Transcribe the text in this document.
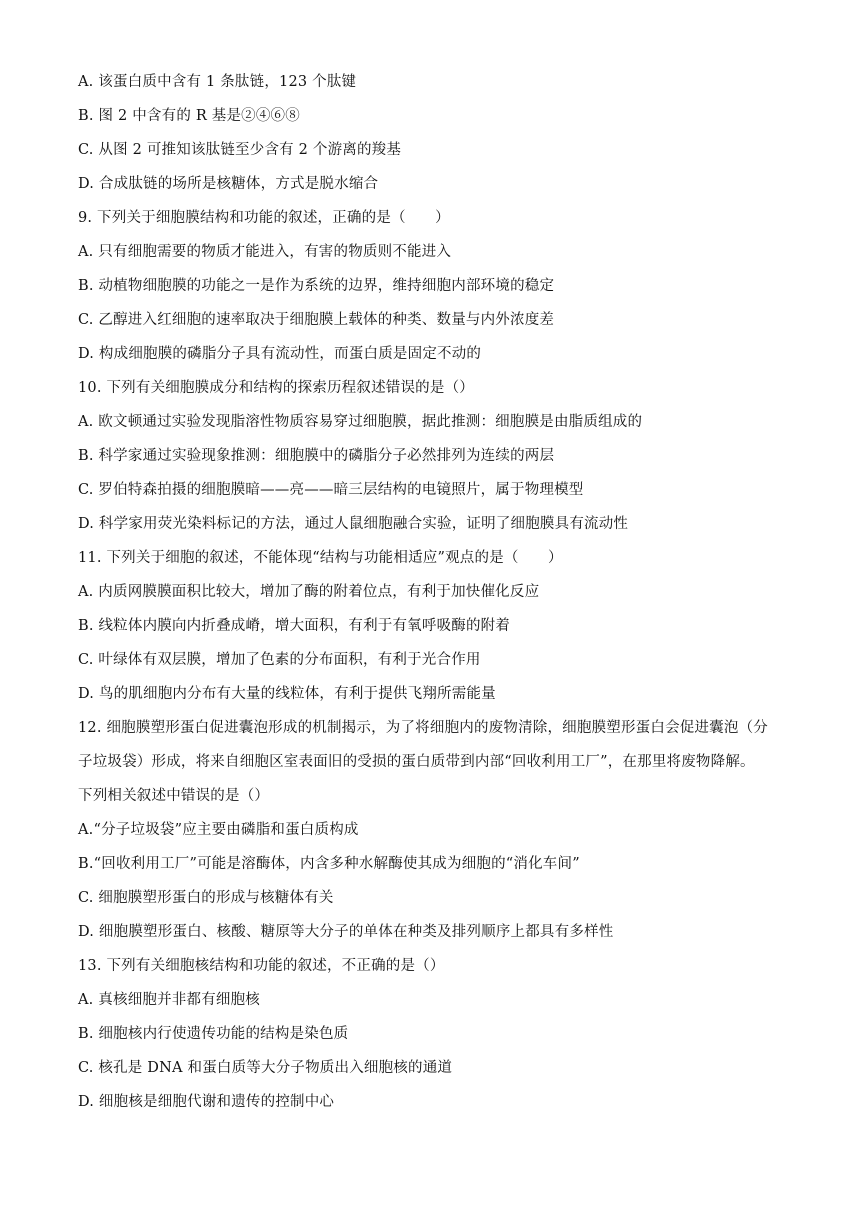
A. 该蛋白质中含有 1 条肽链，123 个肽键
B. 图 2 中含有的 R 基是②④⑥⑧
C. 从图 2 可推知该肽链至少含有 2 个游离的羧基
D. 合成肽链的场所是核糖体，方式是脱水缩合
9. 下列关于细胞膜结构和功能的叙述，正确的是（　　）
A. 只有细胞需要的物质才能进入，有害的物质则不能进入
B. 动植物细胞膜的功能之一是作为系统的边界，维持细胞内部环境的稳定
C. 乙醇进入红细胞的速率取决于细胞膜上载体的种类、数量与内外浓度差
D. 构成细胞膜的磷脂分子具有流动性，而蛋白质是固定不动的
10. 下列有关细胞膜成分和结构的探索历程叙述错误的是（）
A. 欧文顿通过实验发现脂溶性物质容易穿过细胞膜，据此推测：细胞膜是由脂质组成的
B. 科学家通过实验现象推测：细胞膜中的磷脂分子必然排列为连续的两层
C. 罗伯特森拍摄的细胞膜暗——亮——暗三层结构的电镜照片，属于物理模型
D. 科学家用荧光染料标记的方法，通过人鼠细胞融合实验，证明了细胞膜具有流动性
11. 下列关于细胞的叙述，不能体现“结构与功能相适应”观点的是（　　）
A. 内质网膜膜面积比较大，增加了酶的附着位点，有利于加快催化反应
B. 线粒体内膜向内折叠成嵴，增大面积，有利于有氧呼吸酶的附着
C. 叶绿体有双层膜，增加了色素的分布面积，有利于光合作用
D. 鸟的肌细胞内分布有大量的线粒体，有利于提供飞翔所需能量
12. 细胞膜塑形蛋白促进囊泡形成的机制揭示，为了将细胞内的废物清除，细胞膜塑形蛋白会促进囊泡（分
子垃圾袋）形成，将来自细胞区室表面旧的受损的蛋白质带到内部“回收利用工厂”，在那里将废物降解。
下列相关叙述中错误的是（）
A.“分子垃圾袋”应主要由磷脂和蛋白质构成
B.“回收利用工厂”可能是溶酶体，内含多种水解酶使其成为细胞的“消化车间”
C. 细胞膜塑形蛋白的形成与核糖体有关
D. 细胞膜塑形蛋白、核酸、糖原等大分子的单体在种类及排列顺序上都具有多样性
13. 下列有关细胞核结构和功能的叙述，不正确的是（）
A. 真核细胞并非都有细胞核
B. 细胞核内行使遗传功能的结构是染色质
C. 核孔是 DNA 和蛋白质等大分子物质出入细胞核的通道
D. 细胞核是细胞代谢和遗传的控制中心
